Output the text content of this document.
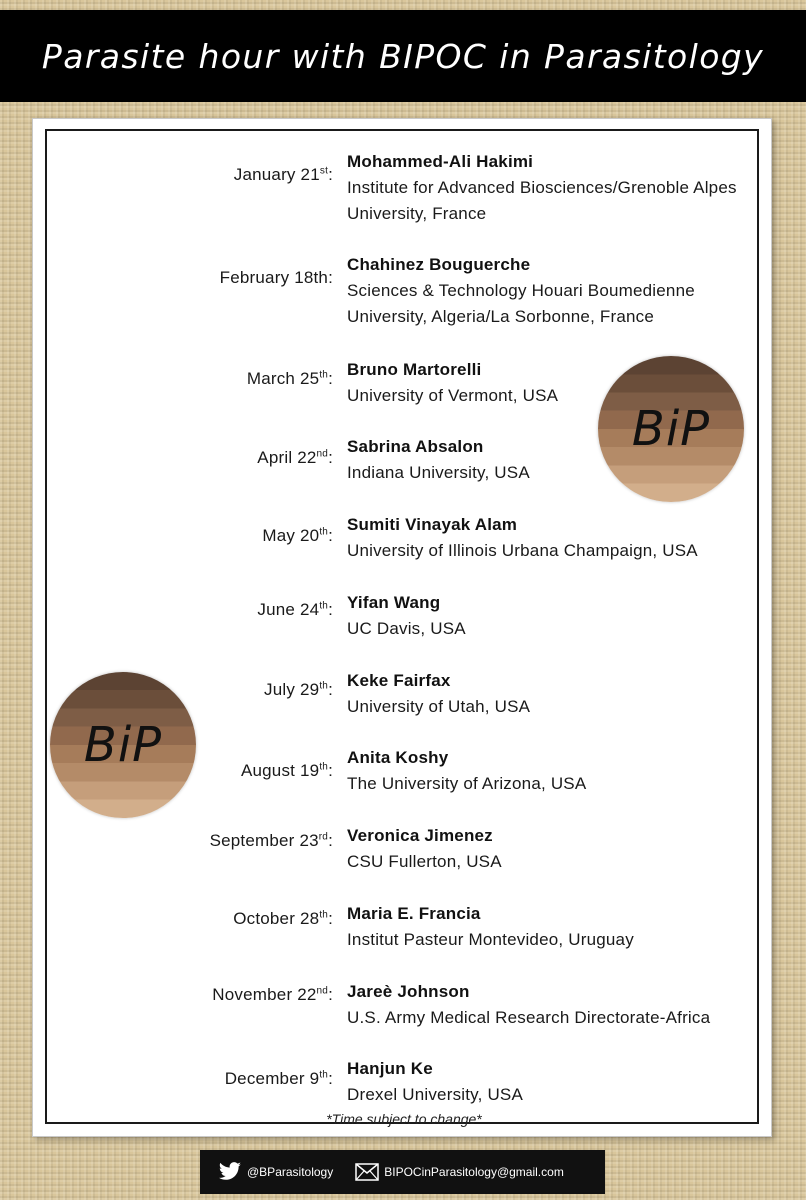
Parasite hour with BIPOC in Parasitology
January 21st:
Mohammed-Ali Hakimi
Institute for Advanced Biosciences/Grenoble Alpes University, France
February 18th:
Chahinez Bouguerche
Sciences & Technology Houari Boumedienne University, Algeria/La Sorbonne, France
March 25th: Bruno Martorelli
University of Vermont, USA
April 22nd:
Sabrina Absalon
Indiana University, USA
May 20th:
Sumiti Vinayak Alam
University of Illinois Urbana Champaign, USA
June 24th: Yifan Wang
UC Davis, USA
July 29th: Keke Fairfax
University of Utah, USA
August 19th:
Anita Koshy
The University of Arizona, USA
September 23rd: Veronica Jimenez
CSU Fullerton, USA
October 28th: Maria E. Francia
Institut Pasteur Montevideo, Uruguay
November 22nd: Jareè Johnson
U.S. Army Medical Research Directorate-Africa
December 9th:
Hanjun Ke
Drexel University, USA
*Time subject to change*
BiP
BiP
@BParasitology	BIPOCinParasitology@gmail.com
